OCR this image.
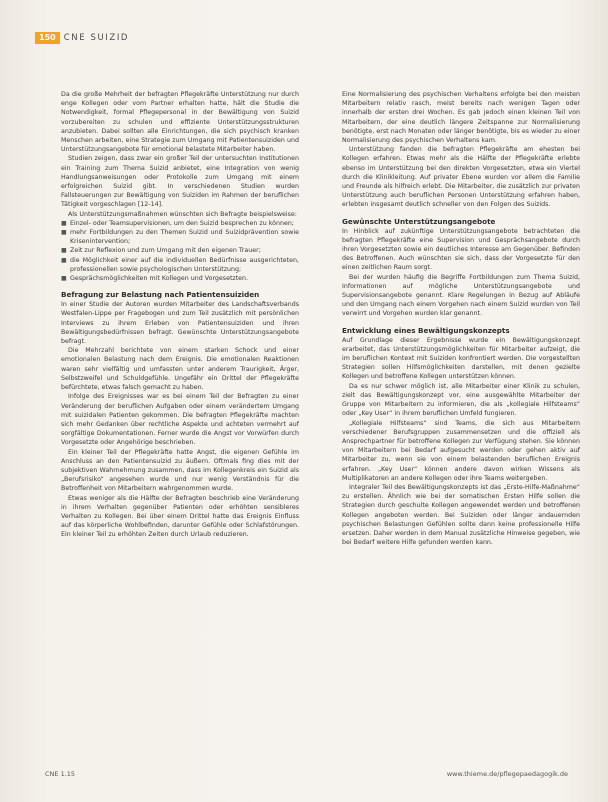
150 CNE SUIZID

Da die große Mehrheit der befragten Pflegekräfte Unterstützung nur durch enge Kollegen oder vom Partner erhalten hatte, hält die Studie die Notwendigkeit, formal Pflegepersonal in der Bewältigung von Suizid vorzubereiten zu schulen und effiziente Unterstützungsstrukturen anzubieten. Dabei sollten alle Einrichtungen, die sich psychisch kranken Menschen arbeiten, eine Strategie zum Umgang mit Patientensuiziden und Unterstützungsangebote für emotional belastete Mitarbeiter haben.

Studien zeigen, dass zwar ein großer Teil der untersuchten Institutionen ein Training zum Thema Suizid anbietet, eine Integration von wenig Handlungsanweisungen oder Protokolle zum Umgang mit einem erfolgreichen Suizid gibt. In verschiedenen Studien wurden Fallsteuerungen zur Bewältigung von Suiziden im Rahmen der beruflichen Tätigkeit vorgeschlagen [12-14].

Als Unterstützungsmaßnahmen wünschten sich Befragte beispielsweise:

■ Einzel- oder Teamsupervisionen, um den Suizid besprechen zu können;
■ mehr Fortbildungen zu den Themen Suizid und Suizidprävention sowie Krisenintervention;
■ Zeit zur Reflexion und zum Umgang mit den eigenen Trauer;
■ die Möglichkeit einer auf die individuellen Bedürfnisse ausgerichteten, professionellen sowie psychologischen Unterstützung;
■ Gesprächsmöglichkeiten mit Kollegen und Vorgesetzten.
Befragung zur Belastung nach Patientensuiziden

In einer Studie der Autoren wurden Mitarbeiter des Landschaftsverbands Westfalen-Lippe per Fragebogen und zum Teil zusätzlich mit persönlichen Interviews zu ihrem Erleben von Patientensuiziden und ihren Bewältigungsbedürfnissen befragt. Gewünschte Unterstützungsangebote befragt.

Die Mehrzahl berichtete von einem starken Schock und einer emotionalen Belastung nach dem Ereignis. Die emotionalen Reaktionen waren sehr vielfältig und umfassten unter anderem Traurigkeit, Ärger, Selbstzweifel und Schuldgefühle. Ungefähr ein Drittel der Pflegekräfte befürchtete, etwas falsch gemacht zu haben.

Infolge des Ereignisses war es bei einem Teil der Befragten zu einer Veränderung der beruflichen Aufgaben oder einem verändertem Umgang mit suizidalen Patienten gekommen. Die befragten Pflegekräfte machten sich mehr Gedanken über rechtliche Aspekte und achteten vermehrt auf sorgfältige Dokumentationen. Ferner wurde die Angst vor Vorwürfen durch Vorgesetzte oder Angehörige beschrieben.

Ein kleiner Teil der Pflegekräfte hatte Angst, die eigenen Gefühle im Anschluss an den Patientensuizid zu äußern. Oftmals fing dies mit der subjektiven Wahrnehmung zusammen, dass im Kollegenkreis ein Suizid als „Berufsrisiko“ angesehen wurde und nur wenig Verständnis für die Betroffenheit von Mitarbeitern wahrgenommen wurde.

Etwas weniger als die Hälfte der Befragten beschrieb eine Veränderung in ihrem Verhalten gegenüber Patienten oder erhöhten sensibleres Verhalten zu Kollegen. Bei über einem Drittel hatte das Ereignis Einfluss auf das körperliche Wohlbefinden, darunter Gefühle oder Schlafstörungen. Ein kleiner Teil zu erhöhten Zeiten durch Urlaub reduzieren.

Eine Normalisierung des psychischen Verhaltens erfolgte bei den meisten Mitarbeitern relativ rasch, meist bereits nach wenigen Tagen oder innerhalb der ersten drei Wochen. Es gab jedoch einen kleinen Teil von Mitarbeitern, der eine deutlich längere Zeitspanne zur Normalisierung benötigte, erst nach Monaten oder länger benötigte, bis es wieder zu einer Normalisierung des psychischen Verhaltens kam.

Unterstützung fanden die befragten Pflegekräfte am ehesten bei Kollegen erfahren. Etwas mehr als die Hälfte der Pflegekräfte erlebte ebenso im Unterstützung bei den direkten Vorgesetzten, etwa ein Viertel durch die Klinikleitung. Auf privater Ebene wurden vor allem die Familie und Freunde als hilfreich erlebt. Die Mitarbeiter, die zusätzlich zur privaten Unterstützung auch beruflichen Personen Unterstützung erfahren haben, erlebten insgesamt deutlich schneller von den Folgen des Suizids.

Gewünschte Unterstützungsangebote

In Hinblick auf zukünftige Unterstützungsangebote betrachteten die befragten Pflegekräfte eine Supervision und Gesprächsangebote durch ihren Vorgesetzten sowie ein deutliches Interesse am Gegenüber. Befinden des Betroffenen. Auch wünschten sie sich, dass der Vorgesetzte für den einen zeitlichen Raum sorgt.

Bei der wurden häufig die Begriffe Fortbildungen zum Thema Suizid, Informationen auf mögliche Unterstützungsangebote und Supervisionsangebote genannt. Klare Regelungen in Bezug auf Abläufe und den Umgang nach einem Vorgehen nach einem Suizid wurden von Teil verwirrt und Vorgehen wurden klar genannt.

Entwicklung eines Bewältigungskonzepts

Auf Grundlage dieser Ergebnisse wurde ein Bewältigungskonzept erarbeitet, das Unterstützungsmöglichkeiten für Mitarbeiter aufzeigt, die im beruflichen Kontext mit Suiziden konfrontiert werden. Die vorgestellten Strategien sollen Hilfsmöglichkeiten darstellen, mit denen gezielte Kollegen und betroffene Kollegen unterstützen können.

Da es nur schwer möglich ist, alle Mitarbeiter einer Klinik zu schulen, zielt das Bewältigungskonzept vor, eine ausgewählte Mitarbeiter der Gruppe von Mitarbeitern zu informieren, die als „kollegiale Hilfsteams“ oder „Key User“ in ihrem beruflichen Umfeld fungieren.

„Kollegiale Hilfsteams“ sind Teams, die sich aus Mitarbeitern verschiedener Berufsgruppen zusammensetzen und die offiziell als Ansprechpartner für betroffene Kollegen zur Verfügung stehen. Sie können von Mitarbeitern bei Bedarf aufgesucht werden oder gehen aktiv auf Mitarbeiter zu, wenn sie von einem belastenden beruflichen Ereignis erfahren. „Key User“ können andere davon wirken Wissens als Multiplikatoren an andere Kollegen oder ihre Teams weitergeben.

Integraler Teil des Bewältigungskonzepts ist das „Erste-Hilfe-Maßnahme“ zu erstellen. Ähnlich wie bei der somatischen Ersten Hilfe sollen die Strategien durch geschulte Kollegen angewendet werden und betroffenen Kollegen angeboten werden. Bei Suiziden oder länger andauernden psychischen Belastungen Gefühlen sollte dann keine professionelle Hilfe ersetzen. Daher werden in dem Manual zusätzliche Hinweise gegeben, wie bei Bedarf weitere Hilfe gefunden werden kann.

CNE 1.15	www.thieme.de/pflegepaedagogik.de
